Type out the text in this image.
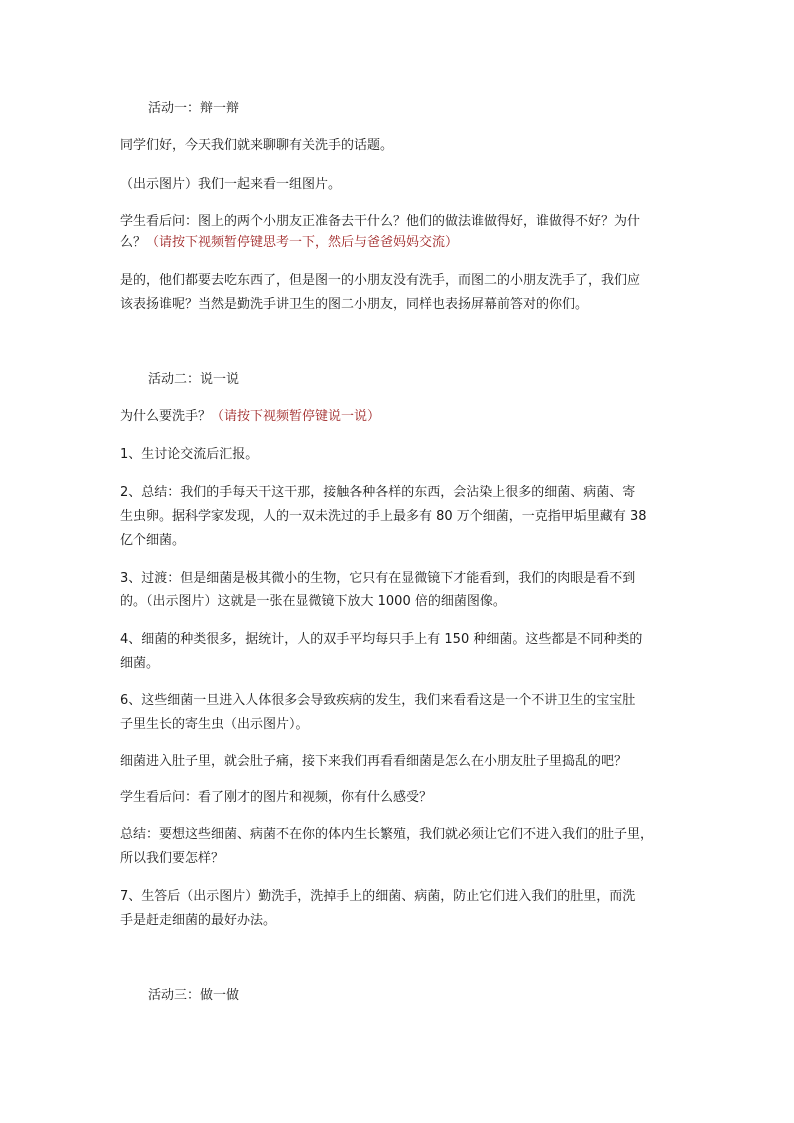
活动一：辩一辩
同学们好，今天我们就来聊聊有关洗手的话题。
（出示图片）我们一起来看一组图片。
学生看后问：图上的两个小朋友正准备去干什么？他们的做法谁做得好，谁做得不好？为什
么？（请按下视频暂停键思考一下，然后与爸爸妈妈交流）
是的，他们都要去吃东西了，但是图一的小朋友没有洗手，而图二的小朋友洗手了，我们应
该表扬谁呢？当然是勤洗手讲卫生的图二小朋友，同样也表扬屏幕前答对的你们。
活动二：说一说
为什么要洗手？（请按下视频暂停键说一说）
1、生讨论交流后汇报。
2、总结：我们的手每天干这干那，接触各种各样的东西，会沾染上很多的细菌、病菌、寄
生虫卵。据科学家发现，人的一双未洗过的手上最多有 80 万个细菌，一克指甲垢里藏有 38
亿个细菌。
3、过渡：但是细菌是极其微小的生物，它只有在显微镜下才能看到，我们的肉眼是看不到
的。（出示图片）这就是一张在显微镜下放大 1000 倍的细菌图像。
4、细菌的种类很多，据统计，人的双手平均每只手上有 150 种细菌。这些都是不同种类的
细菌。
6、这些细菌一旦进入人体很多会导致疾病的发生，我们来看看这是一个不讲卫生的宝宝肚
子里生长的寄生虫（出示图片）。
细菌进入肚子里，就会肚子痛，接下来我们再看看细菌是怎么在小朋友肚子里捣乱的吧？
学生看后问：看了刚才的图片和视频，你有什么感受？
总结：要想这些细菌、病菌不在你的体内生长繁殖，我们就必须让它们不进入我们的肚子里，
所以我们要怎样？
7、生答后（出示图片）勤洗手，洗掉手上的细菌、病菌，防止它们进入我们的肚里，而洗
手是赶走细菌的最好办法。
活动三：做一做
